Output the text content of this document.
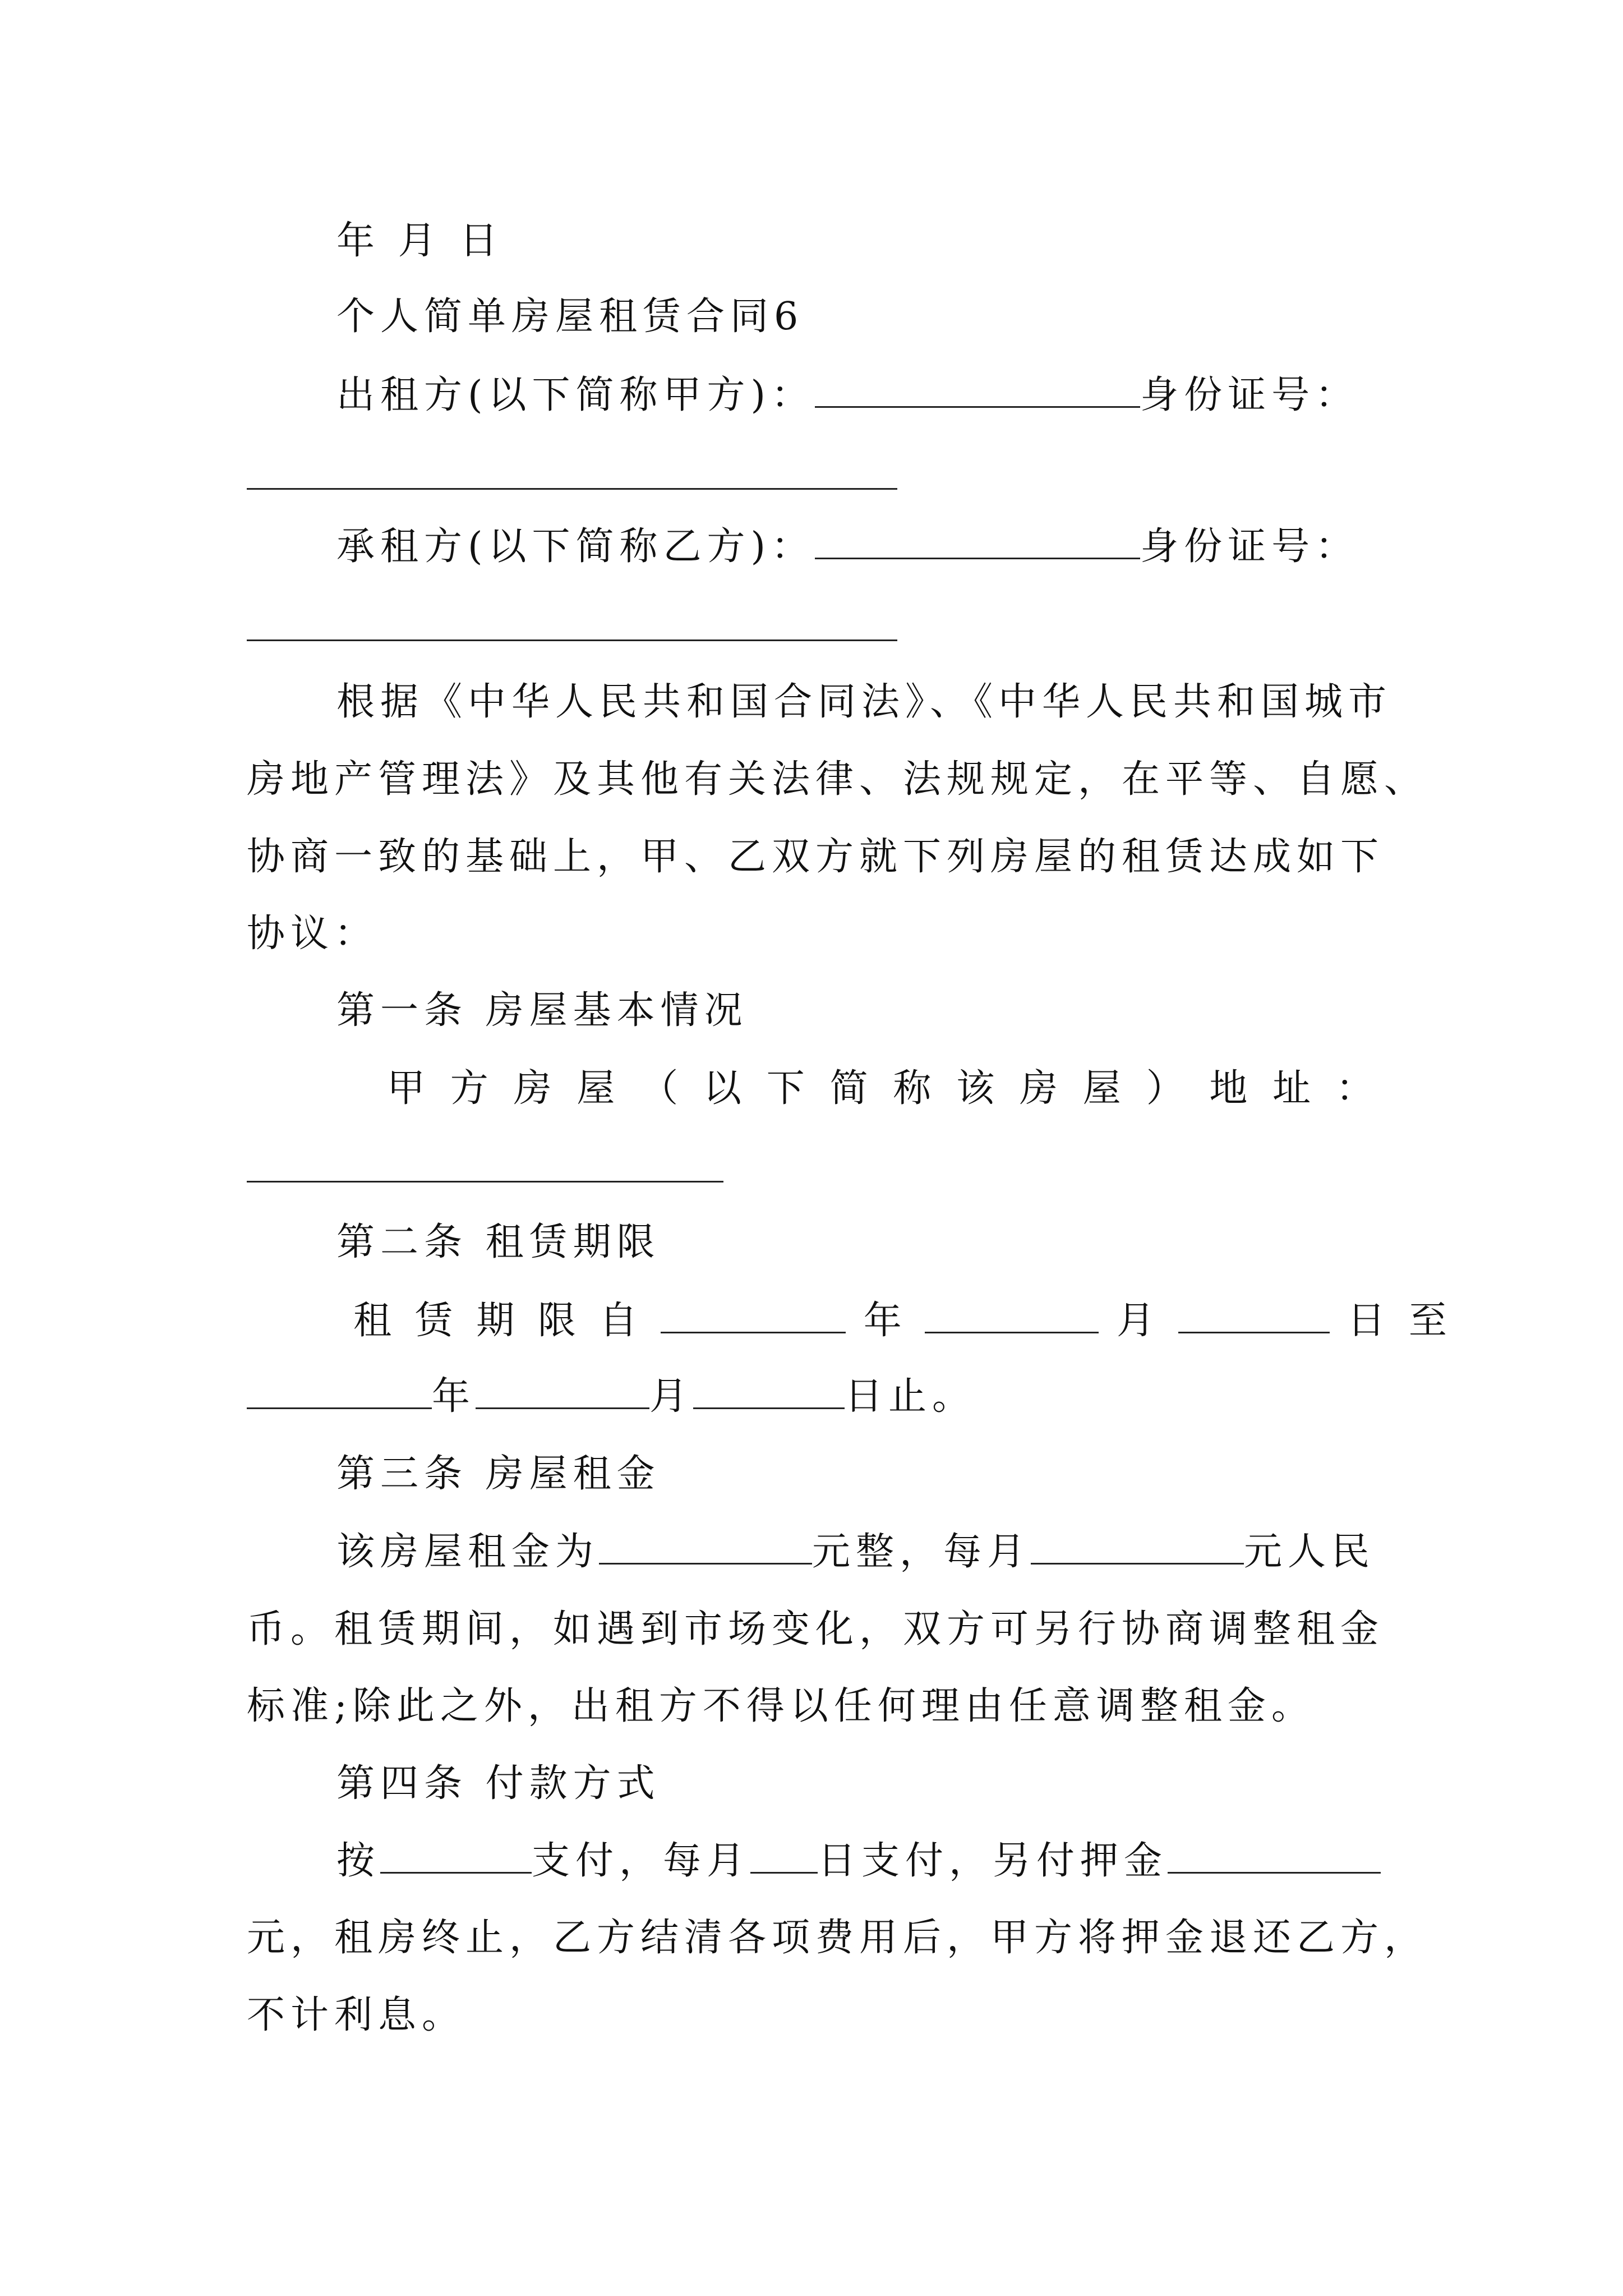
年 月 日
个人简单房屋租赁合同6
出租方(以下简称甲方)：	身份证号：
承租方(以下简称乙方)：	身份证号：
根据《中华人民共和国合同法》、《中华人民共和国城市
房地产管理法》及其他有关法律、法规规定，在平等、自愿、
协商一致的基础上，甲、乙双方就下列房屋的租赁达成如下
协议：
第一条 房屋基本情况
甲 方 房 屋 （ 以 下 简 称 该 房 屋 ） 地 址 ：
第二条 租赁期限
租 赁 期 限 自	年	月	日 至
年	月	日止。
第三条 房屋租金
该房屋租金为	元整，每月	元人民
币。租赁期间，如遇到市场变化，双方可另行协商调整租金
标准;除此之外，出租方不得以任何理由任意调整租金。
第四条 付款方式
按	支付，每月 日支付，另付押金
元，租房终止，乙方结清各项费用后，甲方将押金退还乙方，
不计利息。
